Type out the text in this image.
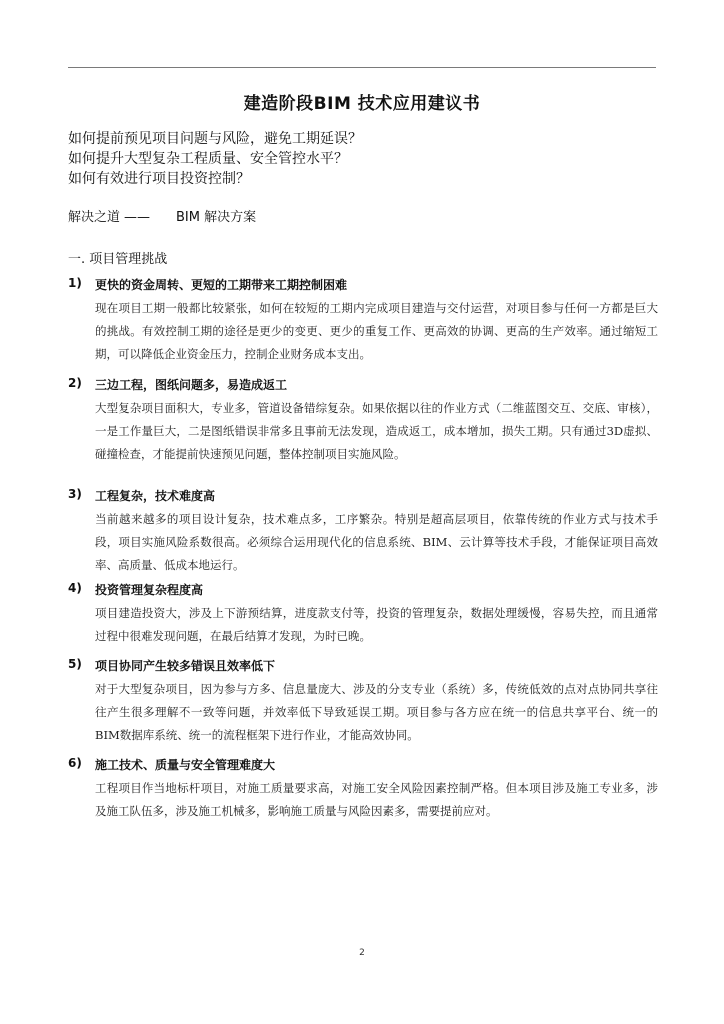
建造阶段BIM 技术应用建议书
如何提前预见项目问题与风险，避免工期延误？
如何提升大型复杂工程质量、安全管控水平？
如何有效进行项目投资控制？
解决之道 —— BIM 解决方案
一. 项目管理挑战
1) 更快的资金周转、更短的工期带来工期控制困难
现在项目工期一般都比较紧张，如何在较短的工期内完成项目建造与交付运营，对项目参与任何一方都是巨大的挑战。有效控制工期的途径是更少的变更、更少的重复工作、更高效的协调、更高的生产效率。通过缩短工期，可以降低企业资金压力，控制企业财务成本支出。
2) 三边工程，图纸问题多，易造成返工
大型复杂项目面积大，专业多，管道设备错综复杂。如果依据以往的作业方式（二维蓝图交互、交底、审核），一是工作量巨大，二是图纸错误非常多且事前无法发现，造成返工，成本增加，损失工期。只有通过3D虚拟、碰撞检查，才能提前快速预见问题，整体控制项目实施风险。
3) 工程复杂，技术难度高
当前越来越多的项目设计复杂，技术难点多，工序繁杂。特别是超高层项目，依靠传统的作业方式与技术手段，项目实施风险系数很高。必须综合运用现代化的信息系统、BIM、云计算等技术手段，才能保证项目高效率、高质量、低成本地运行。
4) 投资管理复杂程度高
项目建造投资大，涉及上下游预结算，进度款支付等，投资的管理复杂，数据处理缓慢，容易失控，而且通常过程中很难发现问题，在最后结算才发现，为时已晚。
5) 项目协同产生较多错误且效率低下
对于大型复杂项目，因为参与方多、信息量庞大、涉及的分支专业（系统）多，传统低效的点对点协同共享往往产生很多理解不一致等问题，并效率低下导致延误工期。项目参与各方应在统一的信息共享平台、统一的BIM数据库系统、统一的流程框架下进行作业，才能高效协同。
6) 施工技术、质量与安全管理难度大
工程项目作当地标杆项目，对施工质量要求高，对施工安全风险因素控制严格。但本项目涉及施工专业多，涉及施工队伍多，涉及施工机械多，影响施工质量与风险因素多，需要提前应对。
2
